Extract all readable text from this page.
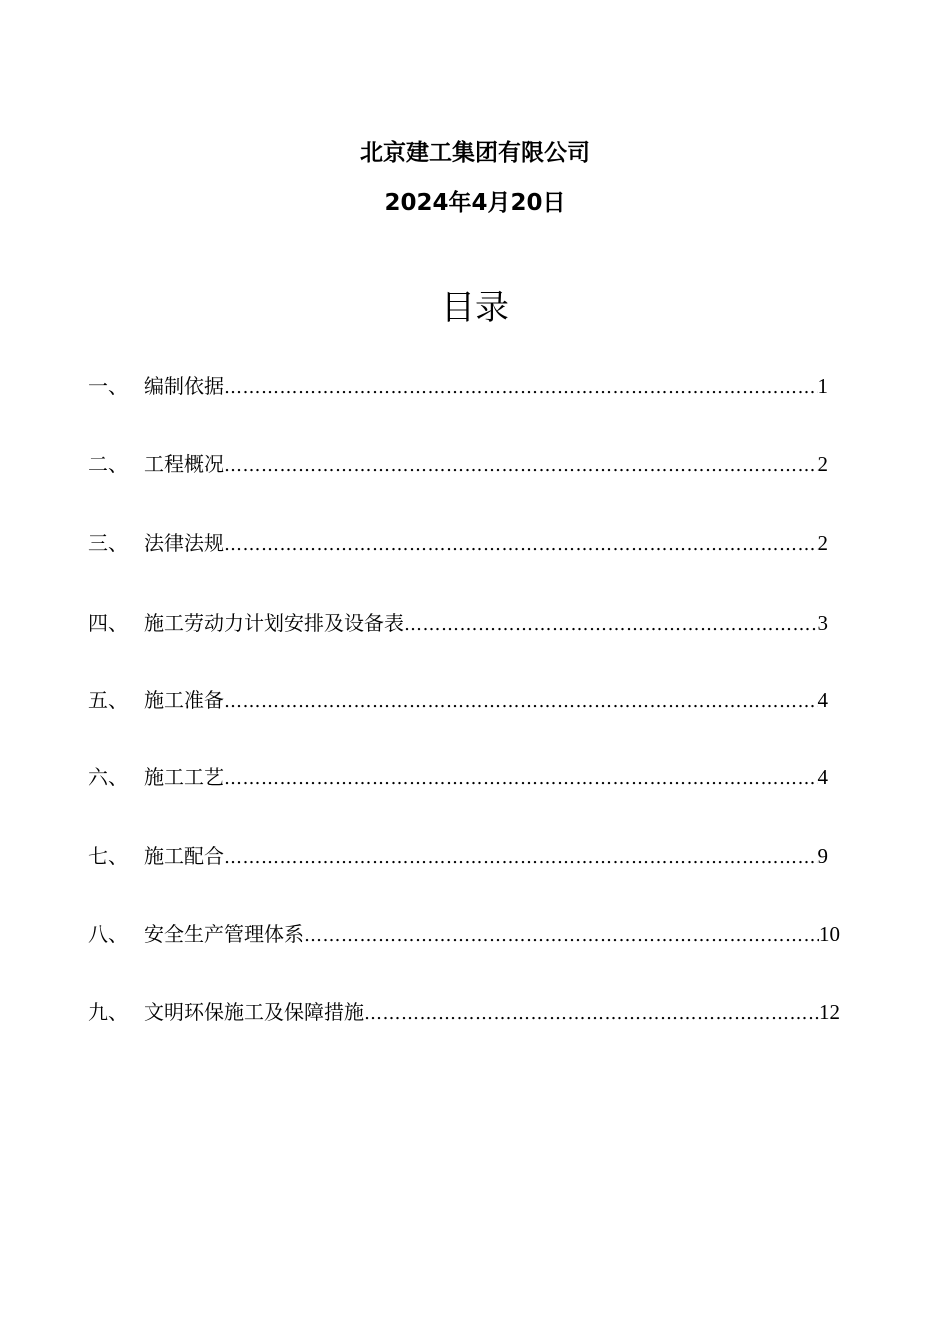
北京建工集团有限公司
2024年4月20日
目录
一、 编制依据 ……………………………………………………………………………………………………………………………………	1
二、 工程概况 ……………………………………………………………………………………………………………………………………	2
三、 法律法规 ……………………………………………………………………………………………………………………………………	2
四、 施工劳动力计划安排及设备表 ……………………………………………………………………………………………………………………………………	3
五、 施工准备 ……………………………………………………………………………………………………………………………………	4
六、 施工工艺 ……………………………………………………………………………………………………………………………………	4
七、 施工配合 ……………………………………………………………………………………………………………………………………	9
八、 安全生产管理体系 ……………………………………………………………………………………………………………………………………	10
九、 文明环保施工及保障措施 ……………………………………………………………………………………………………………………………………	12
